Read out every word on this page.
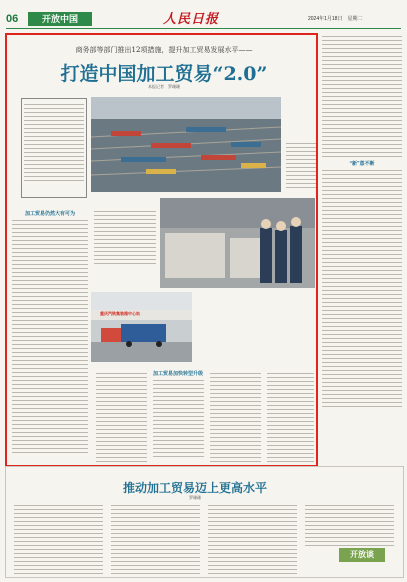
06	开放中国	人民日报	2024年1月18日　星期二
商务部等部门推出12项措施，提升加工贸易发展水平——
打造中国加工贸易“2.0”
本报记者　罗珊珊
加工贸易仍然大有可为
重庆汽铁集装箱中心站
加工贸易加快转型升级
“新”意不断
推动加工贸易迈上更高水平
罗珊珊
开放谈
